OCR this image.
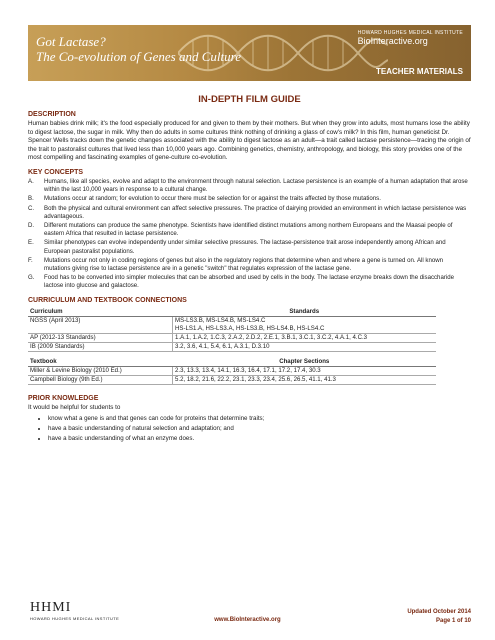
Got Lactase?
The Co-evolution of Genes and Culture
HOWARD HUGHES MEDICAL INSTITUTE
BioInteractive.org
TEACHER MATERIALS
IN-DEPTH FILM GUIDE
DESCRIPTION

Human babies drink milk; it's the food especially produced for and given to them by their mothers. But when they grow into adults, most humans lose the ability to digest lactose, the sugar in milk. Why then do adults in some cultures think nothing of drinking a glass of cow's milk? In this film, human geneticist Dr. Spencer Wells tracks down the genetic changes associated with the ability to digest lactose as an adult—a trait called lactase persistence—tracing the origin of the trait to pastoralist cultures that lived less than 10,000 years ago. Combining genetics, chemistry, anthropology, and biology, this story provides one of the most compelling and fascinating examples of gene-culture co-evolution.

KEY CONCEPTS
A.	Humans, like all species, evolve and adapt to the environment through natural selection. Lactase persistence is an example of a human adaptation that arose within the last 10,000 years in response to a cultural change.
B.	Mutations occur at random; for evolution to occur there must be selection for or against the traits affected by those mutations.
C.	Both the physical and cultural environment can affect selective pressures. The practice of dairying provided an environment in which lactase persistence was advantageous.
D.	Different mutations can produce the same phenotype. Scientists have identified distinct mutations among northern Europeans and the Maasai people of eastern Africa that resulted in lactase persistence.
E.	Similar phenotypes can evolve independently under similar selective pressures. The lactase-persistence trait arose independently among African and European pastoralist populations.
F.	Mutations occur not only in coding regions of genes but also in the regulatory regions that determine when and where a gene is turned on. All known mutations giving rise to lactase persistence are in a genetic "switch" that regulates expression of the lactase gene.
G.	Food has to be converted into simpler molecules that can be absorbed and used by cells in the body. The lactase enzyme breaks down the disaccharide lactose into glucose and galactose.
CURRICULUM AND TEXTBOOK CONNECTIONS
Curriculum	Standards
NGSS (April 2013)	MS-LS3.B, MS-LS4.B, MS-LS4.C
HS-LS1.A, HS-LS3.A, HS-LS3.B, HS-LS4.B, HS-LS4.C
AP (2012-13 Standards)	1.A.1, 1.A.2, 1.C.3, 2.A.2, 2.D.2, 2.E.1, 3.B.1, 3.C.1, 3.C.2, 4.A.1, 4.C.3
IB (2009 Standards)	3.2, 3.6, 4.1, 5.4, 6.1, A.3.1, D.3.10
Textbook	Chapter Sections
Miller & Levine Biology (2010 Ed.)	2.3, 13.3, 13.4, 14.1, 16.3, 16.4, 17.1, 17.2, 17.4, 30.3
Campbell Biology (9th Ed.)	5.2, 18.2, 21.6, 22.2, 23.1, 23.3, 23.4, 25.6, 26.5, 41.1, 41.3
PRIOR KNOWLEDGE

It would be helpful for students to

• know what a gene is and that genes can code for proteins that determine traits;
• have a basic understanding of natural selection and adaptation; and
• have a basic understanding of what an enzyme does.
HHMI
HOWARD HUGHES MEDICAL INSTITUTE	www.BioInteractive.org
Updated October 2014
Page 1 of 10
